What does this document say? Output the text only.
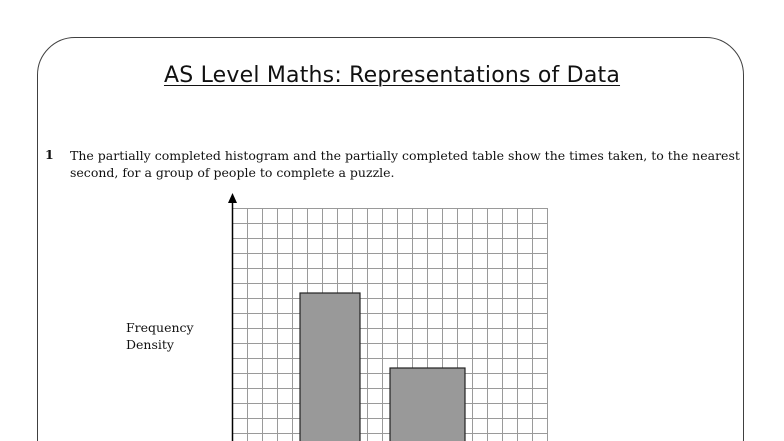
AS Level Maths: Representations of Data
1 The partially completed histogram and the partially completed table show the times taken, to the nearest second, for a group of people to complete a puzzle.
Frequency Density
